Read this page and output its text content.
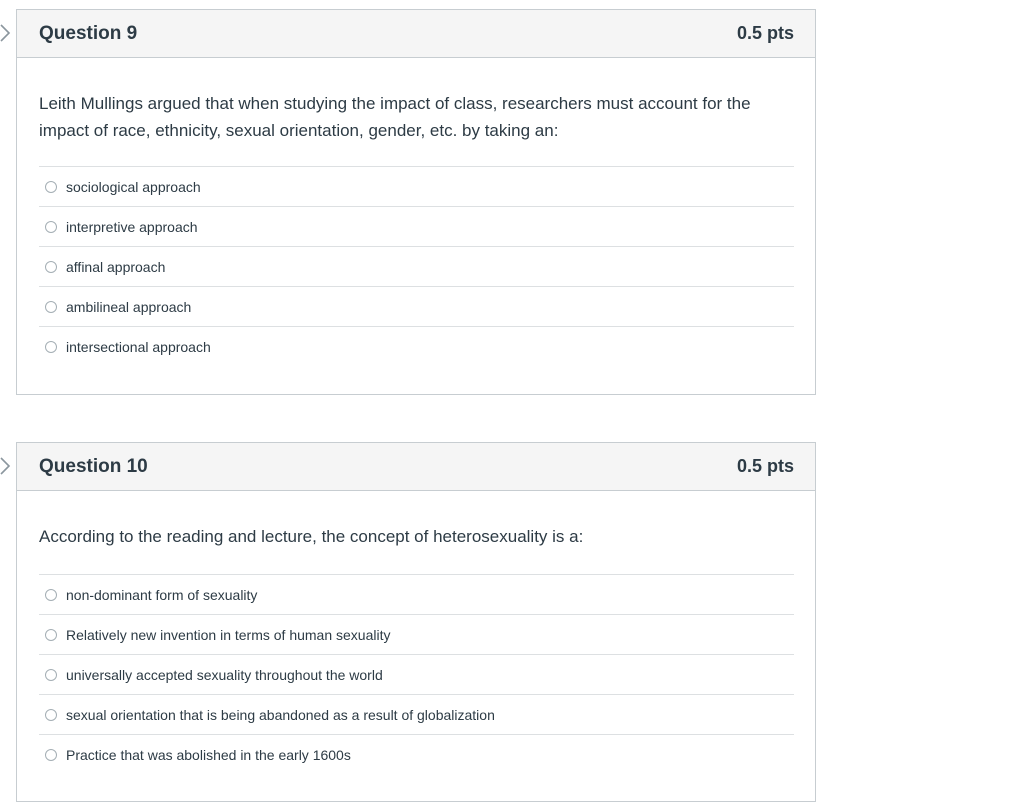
Question 9	0.5 pts

Leith Mullings argued that when studying the impact of class, researchers must account for the impact of race, ethnicity, sexual orientation, gender, etc. by taking an:

sociological approach
interpretive approach
affinal approach
ambilineal approach
intersectional approach
Question 10	0.5 pts

According to the reading and lecture, the concept of heterosexuality is a:

non-dominant form of sexuality
Relatively new invention in terms of human sexuality
universally accepted sexuality throughout the world
sexual orientation that is being abandoned as a result of globalization
Practice that was abolished in the early 1600s
